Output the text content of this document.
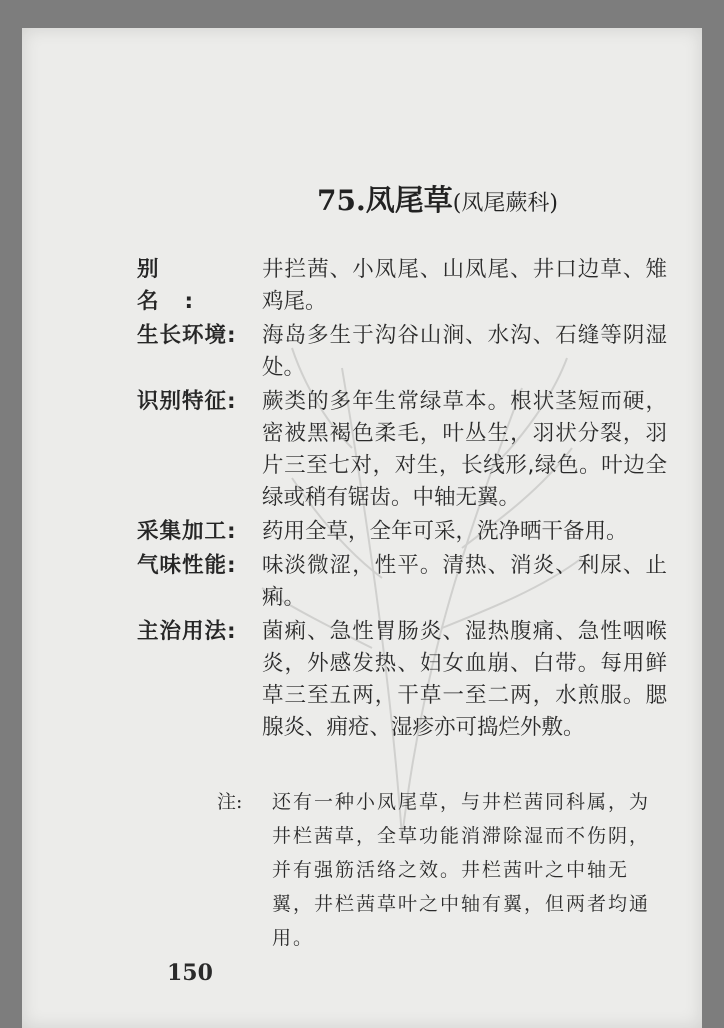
75.凤尾草(凤尾蕨科)
别名:
井拦茜、小凤尾、山凤尾、井口边草、雉鸡尾。
生长环境:	海岛多生于沟谷山涧、水沟、石缝等阴湿处。
识别特征:	蕨类的多年生常绿草本。根状茎短而硬，密被黑褐色柔毛，叶丛生，羽状分裂，羽片三至七对，对生，长线形,绿色。叶边全绿或稍有锯齿。中轴无翼。
采集加工:	药用全草，全年可采，洗净晒干备用。
气味性能:	味淡微涩，性平。清热、消炎、利尿、止痢。
主治用法:	菌痢、急性胃肠炎、湿热腹痛、急性咽喉炎，外感发热、妇女血崩、白带。每用鲜草三至五两，干草一至二两，水煎服。腮腺炎、痈疮、湿疹亦可捣烂外敷。
注:	还有一种小凤尾草，与井栏茜同科属，为井栏茜草，全草功能消滞除湿而不伤阴，并有强筋活络之效。井栏茜叶之中轴无翼，井栏茜草叶之中轴有翼，但两者均通用。
150
